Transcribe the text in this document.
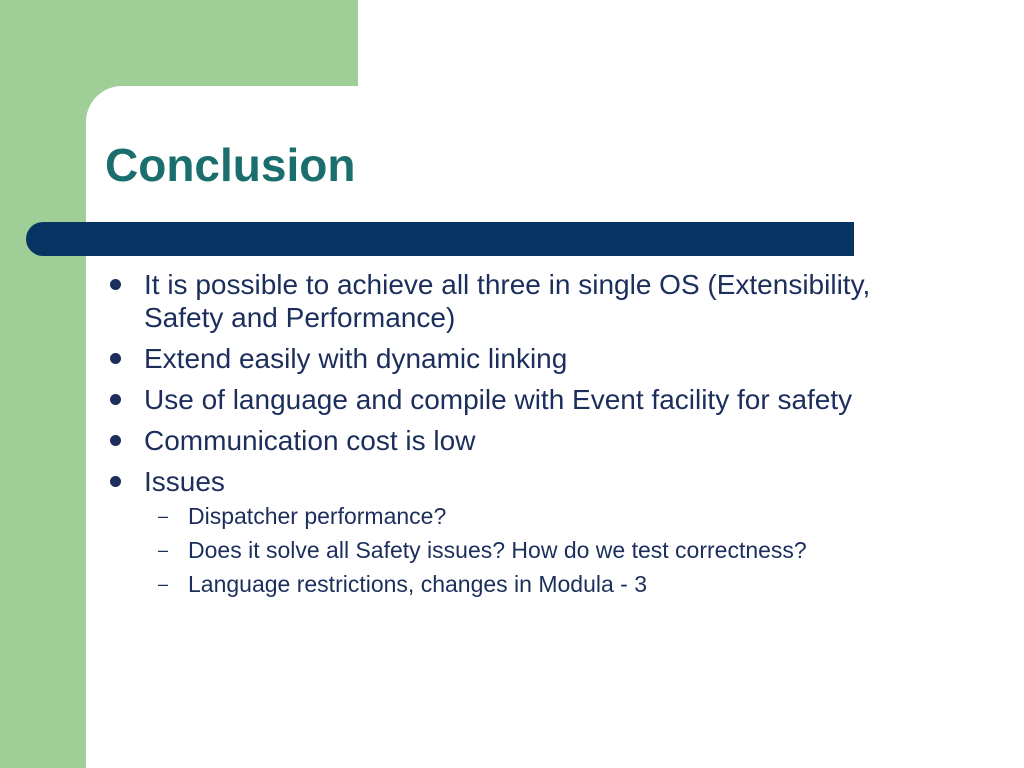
Conclusion
It is possible to achieve all three in single OS (Extensibility, Safety and Performance)
Extend easily with dynamic linking
Use of language and compile with Event facility for safety
Communication cost is low
Issues
– Dispatcher performance?
– Does it solve all Safety issues? How do we test correctness?
– Language restrictions, changes in Modula - 3
